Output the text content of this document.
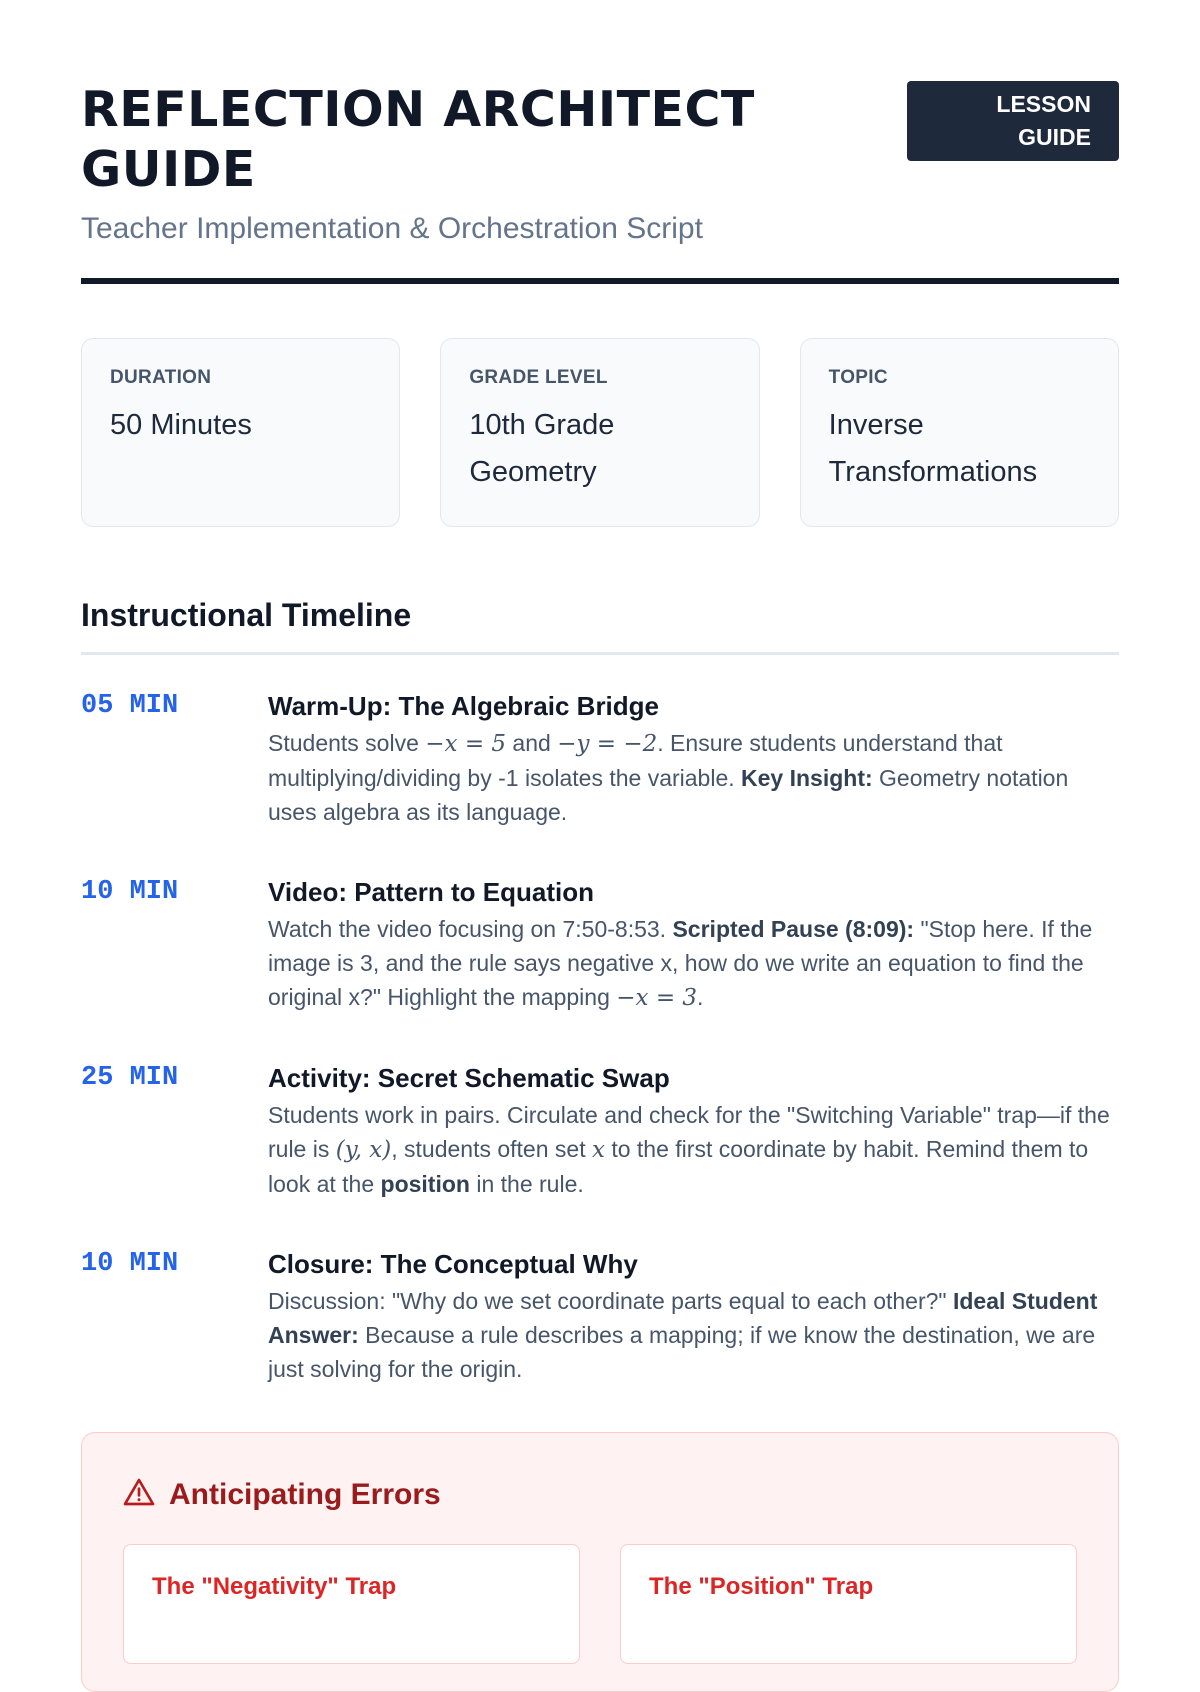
REFLECTION ARCHITECT GUIDE
Teacher Implementation & Orchestration Script
LESSON GUIDE
DURATION
50 Minutes
GRADE LEVEL
10th Grade Geometry
TOPIC
Inverse Transformations
Instructional Timeline
05 MIN	Warm-Up: The Algebraic Bridge
Students solve −x = 5 and −y = −2. Ensure students understand that multiplying/dividing by -1 isolates the variable. Key Insight: Geometry notation uses algebra as its language.
10 MIN	Video: Pattern to Equation
Watch the video focusing on 7:50-8:53. Scripted Pause (8:09): "Stop here. If the image is 3, and the rule says negative x, how do we write an equation to find the original x?" Highlight the mapping −x = 3.
25 MIN	Activity: Secret Schematic Swap
Students work in pairs. Circulate and check for the "Switching Variable" trap—if the rule is (y, x), students often set x to the first coordinate by habit. Remind them to look at the position in the rule.
10 MIN	Closure: The Conceptual Why
Discussion: "Why do we set coordinate parts equal to each other?" Ideal Student Answer: Because a rule describes a mapping; if we know the destination, we are just solving for the origin.
Anticipating Errors
The "Negativity" Trap	The "Position" Trap
